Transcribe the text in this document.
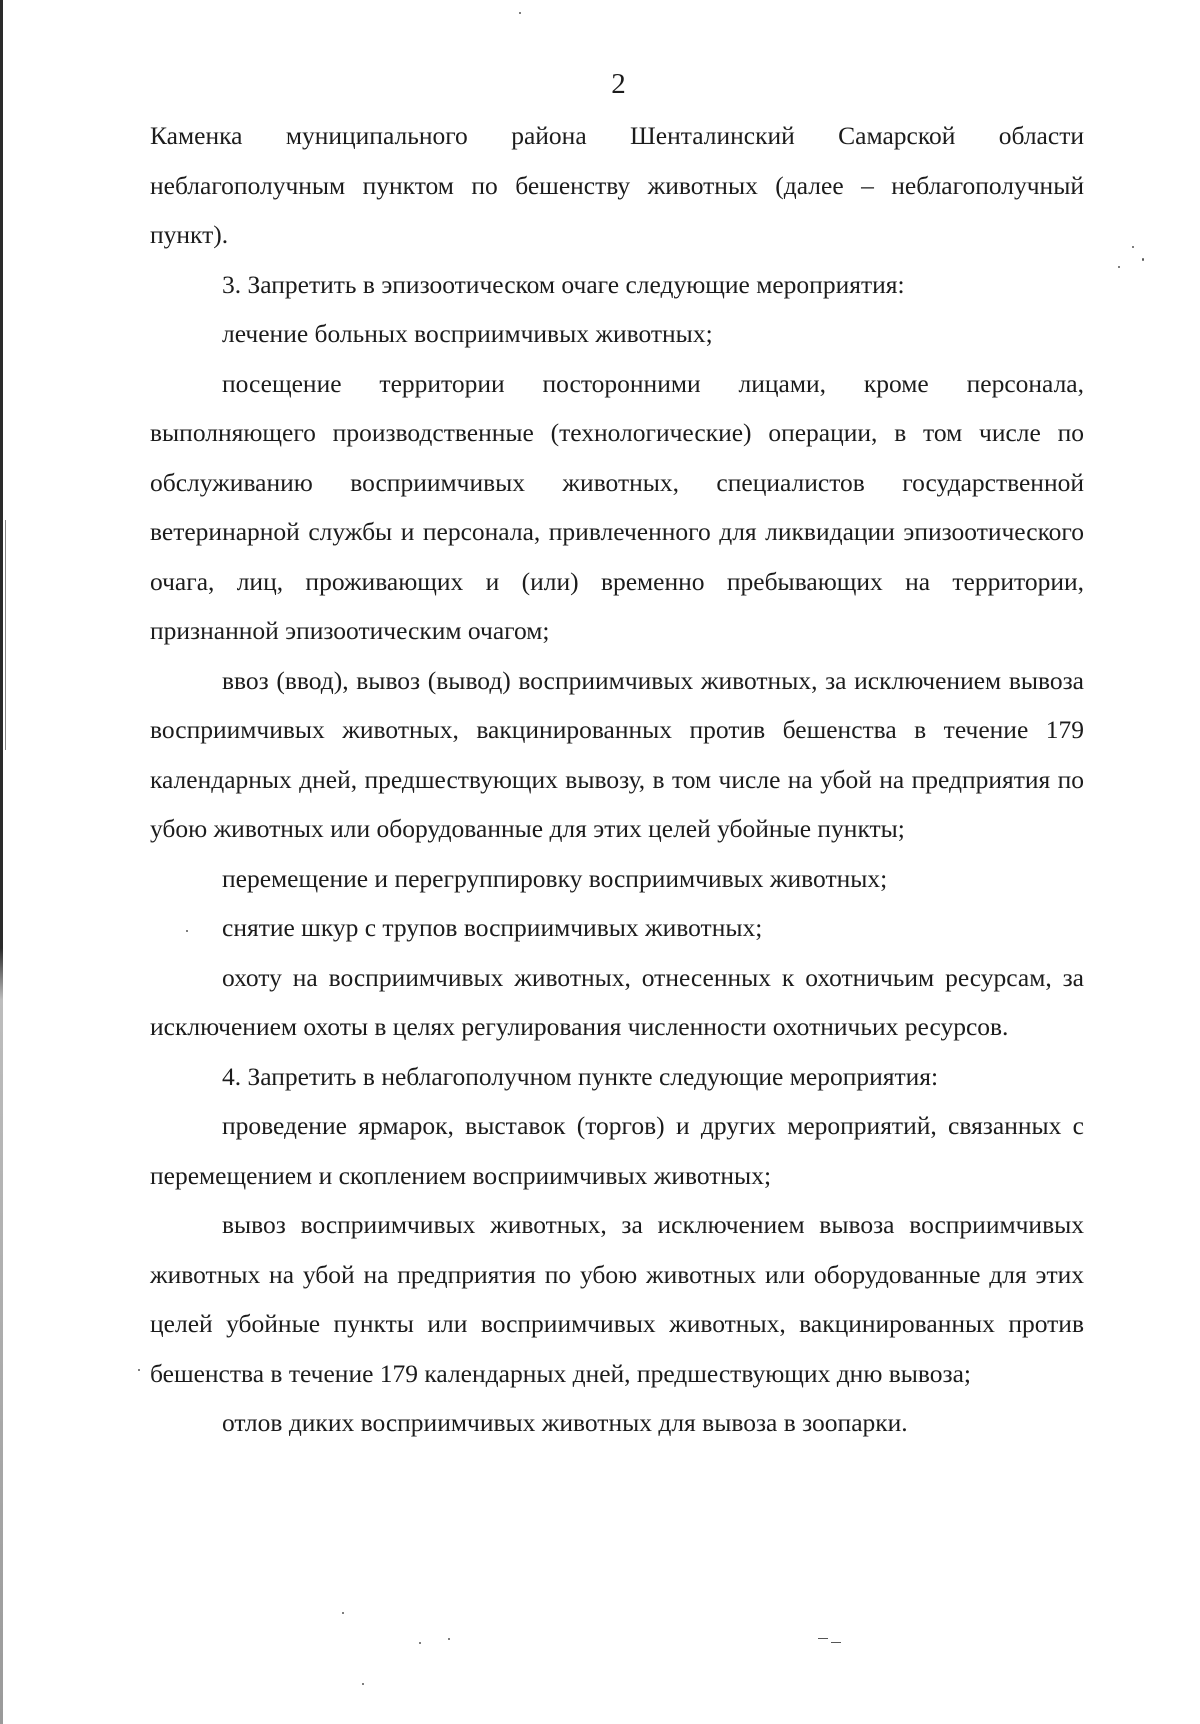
2

Каменка муниципального района Шенталинский Самарской области неблагополучным пунктом по бешенству животных (далее – неблагополучный пункт).

3. Запретить в эпизоотическом очаге следующие мероприятия:

лечение больных восприимчивых животных;

посещение территории посторонними лицами, кроме персонала, выполняющего производственные (технологические) операции, в том числе по обслуживанию восприимчивых животных, специалистов государственной ветеринарной службы и персонала, привлеченного для ликвидации эпизоотического очага, лиц, проживающих и (или) временно пребывающих на территории, признанной эпизоотическим очагом;

ввоз (ввод), вывоз (вывод) восприимчивых животных, за исключением вывоза восприимчивых животных, вакцинированных против бешенства в течение 179 календарных дней, предшествующих вывозу, в том числе на убой на предприятия по убою животных или оборудованные для этих целей убойные пункты;

перемещение и перегруппировку восприимчивых животных;

снятие шкур с трупов восприимчивых животных;

охоту на восприимчивых животных, отнесенных к охотничьим ресурсам, за исключением охоты в целях регулирования численности охотничьих ресурсов.

4. Запретить в неблагополучном пункте следующие мероприятия:

проведение ярмарок, выставок (торгов) и других мероприятий, связанных с перемещением и скоплением восприимчивых животных;

вывоз восприимчивых животных, за исключением вывоза восприимчивых животных на убой на предприятия по убою животных или оборудованные для этих целей убойные пункты или восприимчивых животных, вакцинированных против бешенства в течение 179 календарных дней, предшествующих дню вывоза;

отлов диких восприимчивых животных для вывоза в зоопарки.
